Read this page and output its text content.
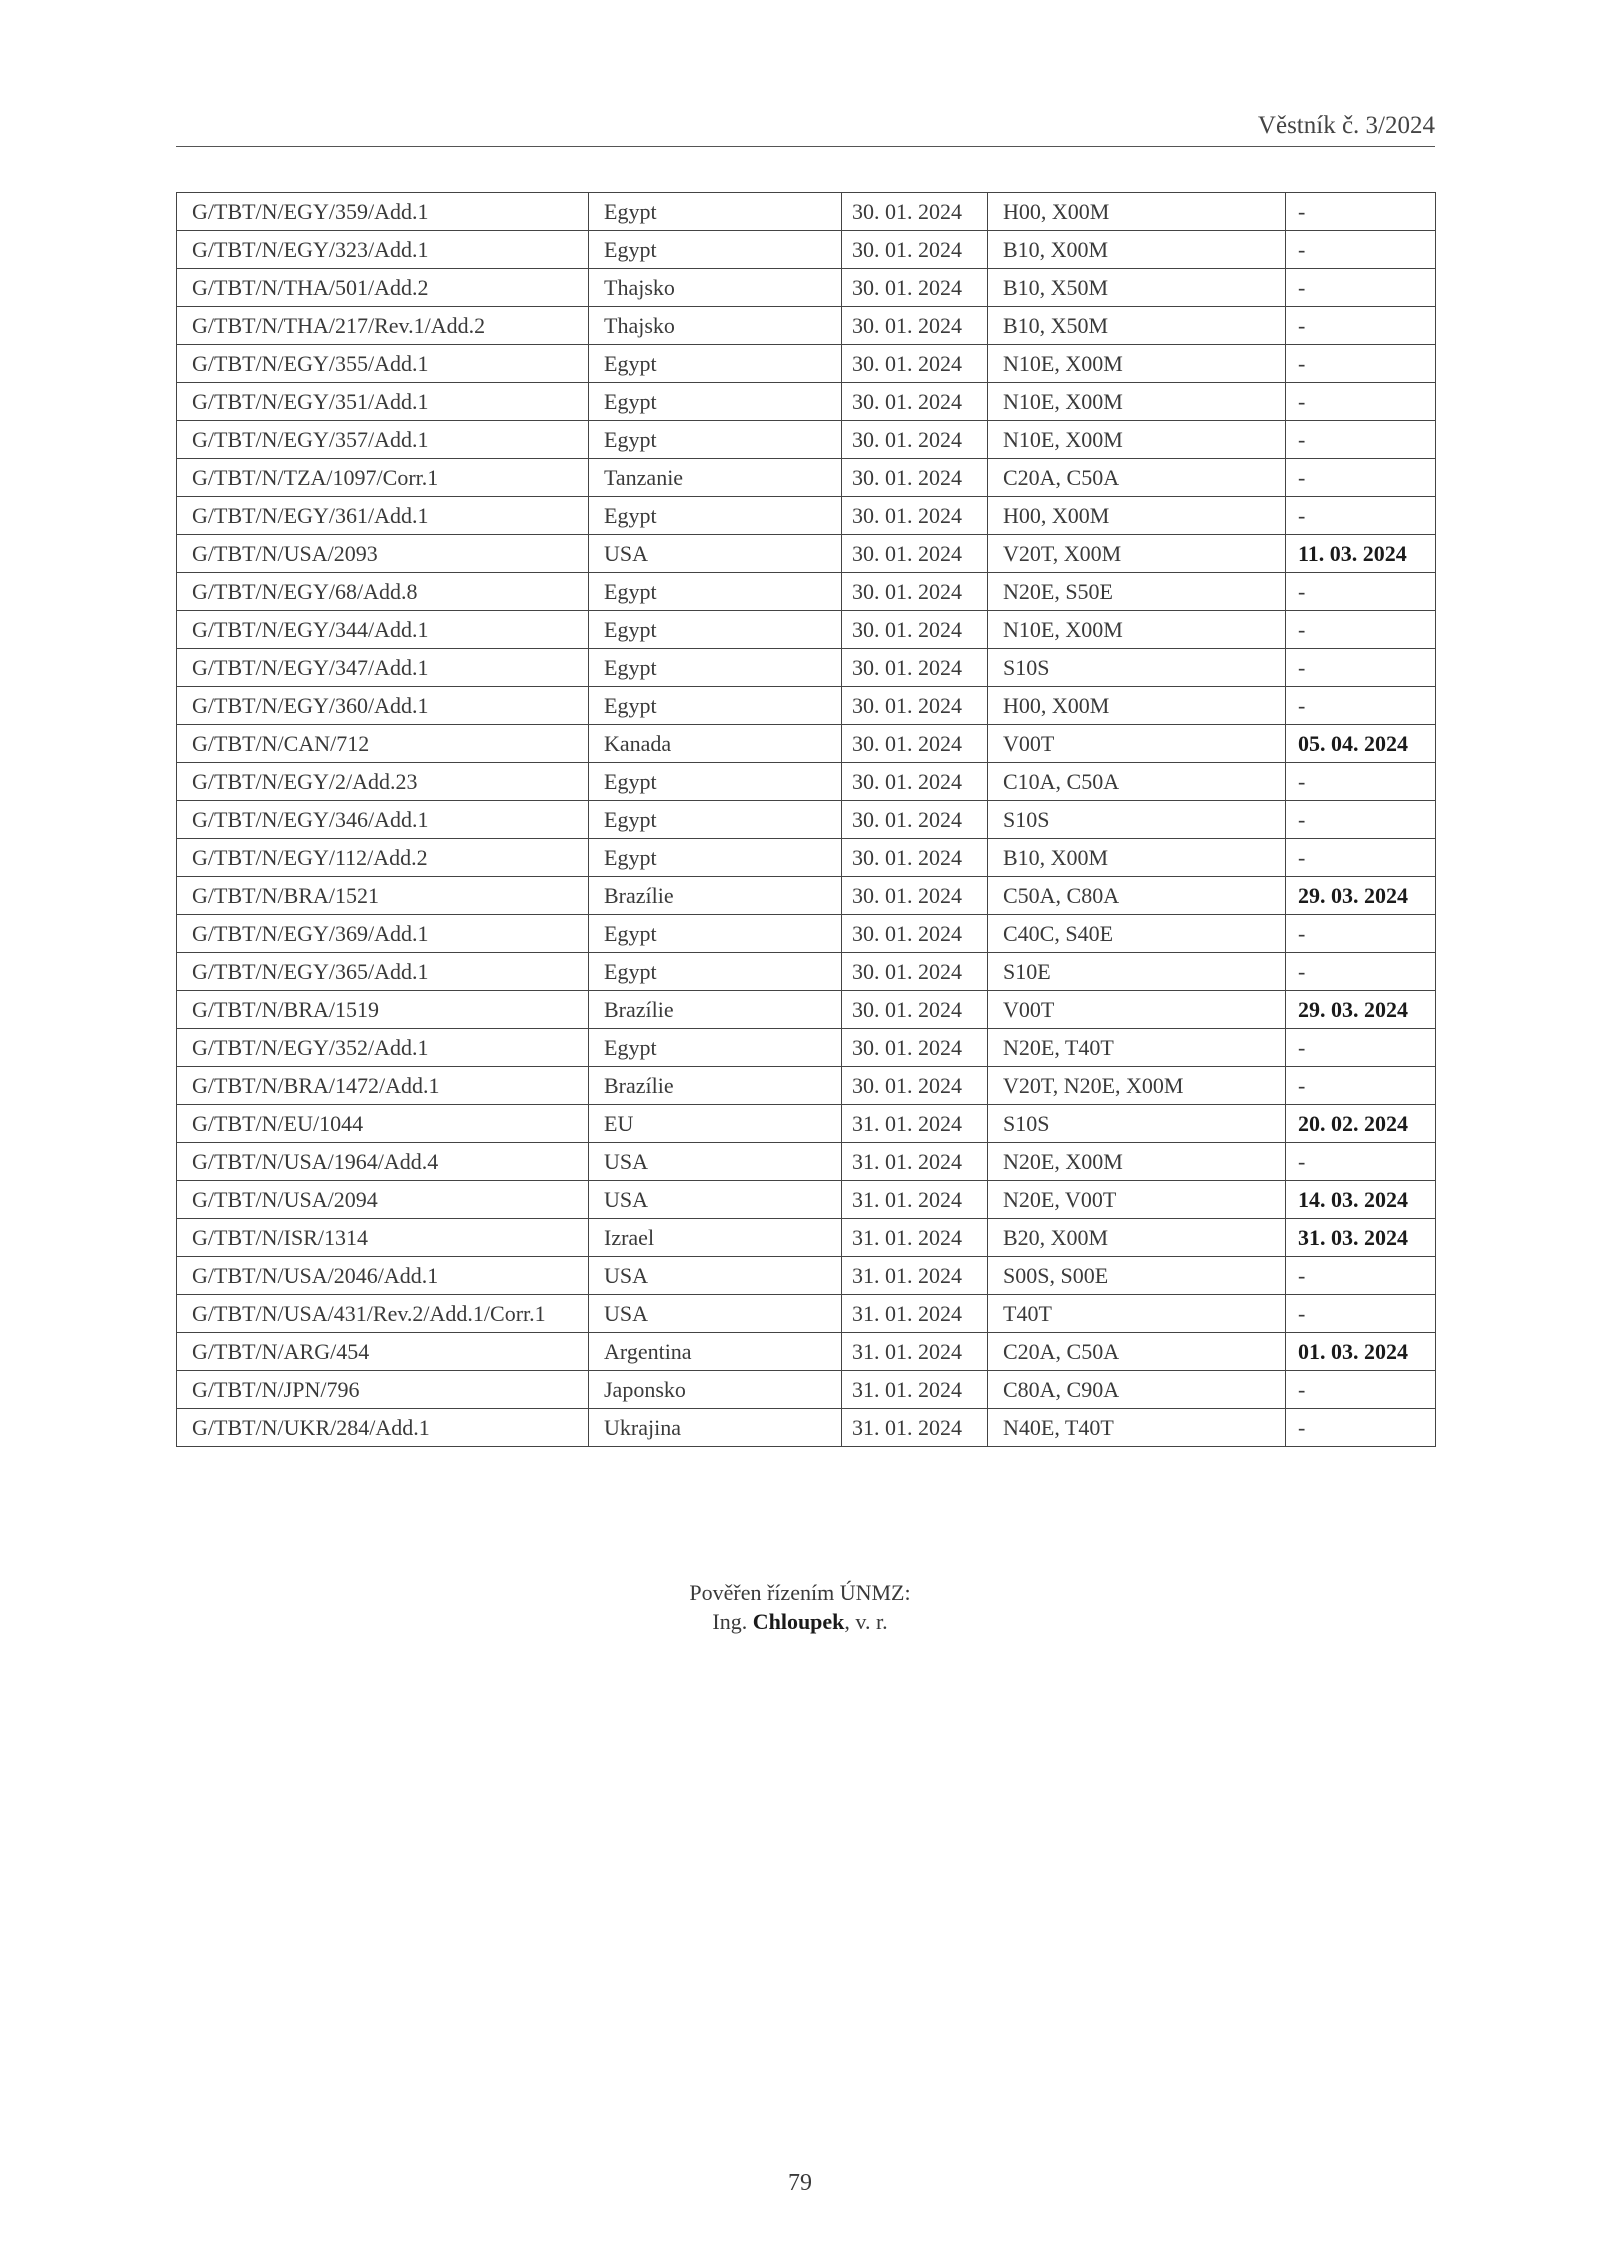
Věstník č. 3/2024
G/TBT/N/EGY/359/Add.1	Egypt	30. 01. 2024	H00, X00M	-
G/TBT/N/EGY/323/Add.1	Egypt	30. 01. 2024	B10, X00M	-
G/TBT/N/THA/501/Add.2	Thajsko	30. 01. 2024	B10, X50M	-
G/TBT/N/THA/217/Rev.1/Add.2	Thajsko	30. 01. 2024	B10, X50M	-
G/TBT/N/EGY/355/Add.1	Egypt	30. 01. 2024	N10E, X00M	-
G/TBT/N/EGY/351/Add.1	Egypt	30. 01. 2024	N10E, X00M	-
G/TBT/N/EGY/357/Add.1	Egypt	30. 01. 2024	N10E, X00M	-
G/TBT/N/TZA/1097/Corr.1	Tanzanie	30. 01. 2024	C20A, C50A	-
G/TBT/N/EGY/361/Add.1	Egypt	30. 01. 2024	H00, X00M	-
G/TBT/N/USA/2093	USA	30. 01. 2024	V20T, X00M	11. 03. 2024
G/TBT/N/EGY/68/Add.8	Egypt	30. 01. 2024	N20E, S50E	-
G/TBT/N/EGY/344/Add.1	Egypt	30. 01. 2024	N10E, X00M	-
G/TBT/N/EGY/347/Add.1	Egypt	30. 01. 2024	S10S	-
G/TBT/N/EGY/360/Add.1	Egypt	30. 01. 2024	H00, X00M	-
G/TBT/N/CAN/712	Kanada	30. 01. 2024	V00T	05. 04. 2024
G/TBT/N/EGY/2/Add.23	Egypt	30. 01. 2024	C10A, C50A	-
G/TBT/N/EGY/346/Add.1	Egypt	30. 01. 2024	S10S	-
G/TBT/N/EGY/112/Add.2	Egypt	30. 01. 2024	B10, X00M	-
G/TBT/N/BRA/1521	Brazílie	30. 01. 2024	C50A, C80A	29. 03. 2024
G/TBT/N/EGY/369/Add.1	Egypt	30. 01. 2024	C40C, S40E	-
G/TBT/N/EGY/365/Add.1	Egypt	30. 01. 2024	S10E	-
G/TBT/N/BRA/1519	Brazílie	30. 01. 2024	V00T	29. 03. 2024
G/TBT/N/EGY/352/Add.1	Egypt	30. 01. 2024	N20E, T40T	-
G/TBT/N/BRA/1472/Add.1	Brazílie	30. 01. 2024	V20T, N20E, X00M	-
G/TBT/N/EU/1044	EU	31. 01. 2024	S10S	20. 02. 2024
G/TBT/N/USA/1964/Add.4	USA	31. 01. 2024	N20E, X00M	-
G/TBT/N/USA/2094	USA	31. 01. 2024	N20E, V00T	14. 03. 2024
G/TBT/N/ISR/1314	Izrael	31. 01. 2024	B20, X00M	31. 03. 2024
G/TBT/N/USA/2046/Add.1	USA	31. 01. 2024	S00S, S00E	-
G/TBT/N/USA/431/Rev.2/Add.1/Corr.1	USA	31. 01. 2024	T40T	-
G/TBT/N/ARG/454	Argentina	31. 01. 2024	C20A, C50A	01. 03. 2024
G/TBT/N/JPN/796	Japonsko	31. 01. 2024	C80A, C90A	-
G/TBT/N/UKR/284/Add.1	Ukrajina	31. 01. 2024	N40E, T40T	-
Pověřen řízením ÚNMZ:
Ing. Chloupek, v. r.
79
